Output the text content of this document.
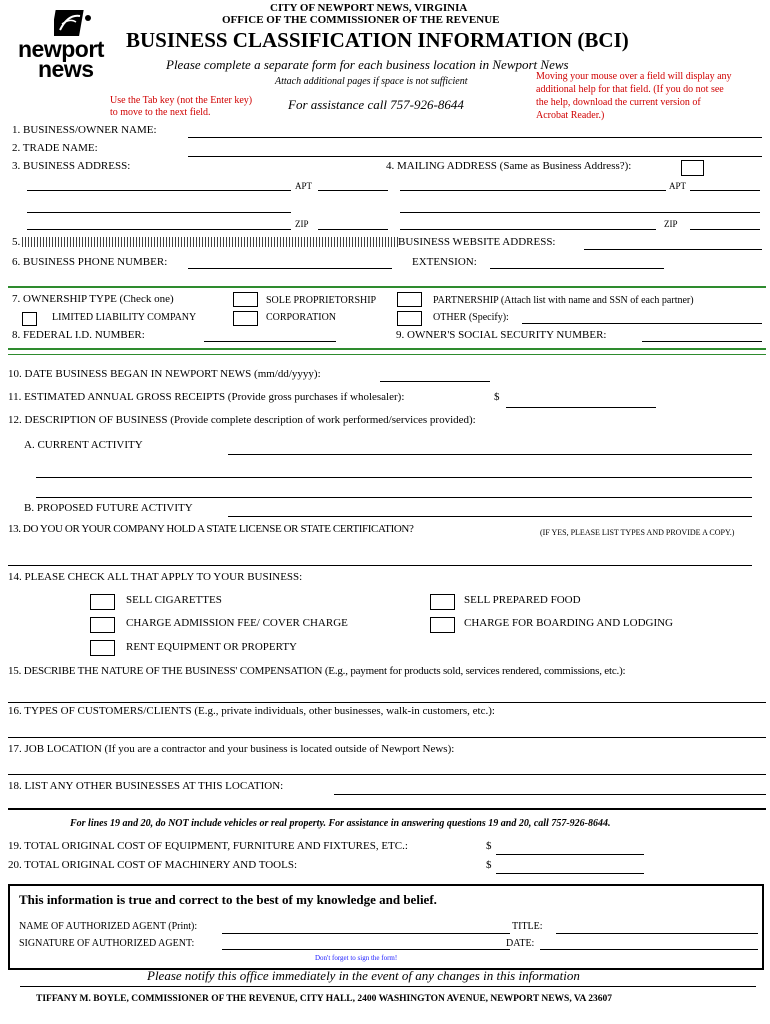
newport
news
CITY OF NEWPORT NEWS, VIRGINIA
OFFICE OF THE COMMISSIONER OF THE REVENUE
BUSINESS CLASSIFICATION INFORMATION (BCI)
Please complete a separate form for each business location in Newport News
Attach additional pages if space is not sufficient
Use the Tab key (not the Enter key)
to move to the next field.
For assistance call 757-926-8644
Moving your mouse over a field will display any
additional help for that field. (If you do not see
the help, download the current version of
Acrobat Reader.)
1. BUSINESS/OWNER NAME:
2. TRADE NAME:
3. BUSINESS ADDRESS:	4. MAILING ADDRESS (Same as Business Address?):
APT	APT
ZIP	ZIP
5.	BUSINESS WEBSITE ADDRESS:
6. BUSINESS PHONE NUMBER:	EXTENSION:
7. OWNERSHIP TYPE (Check one)	SOLE PROPRIETORSHIP	PARTNERSHIP (Attach list with name and SSN of each partner)
LIMITED LIABILITY COMPANY	CORPORATION	OTHER (Specify):
8. FEDERAL I.D. NUMBER:	9. OWNER'S SOCIAL SECURITY NUMBER:
10. DATE BUSINESS BEGAN IN NEWPORT NEWS (mm/dd/yyyy):
11. ESTIMATED ANNUAL GROSS RECEIPTS (Provide gross purchases if wholesaler):	$
12. DESCRIPTION OF BUSINESS (Provide complete description of work performed/services provided):
A. CURRENT ACTIVITY
B. PROPOSED FUTURE ACTIVITY
13. DO YOU OR YOUR COMPANY HOLD A STATE LICENSE OR STATE CERTIFICATION?	(IF YES, PLEASE LIST TYPES AND PROVIDE A COPY.)
14. PLEASE CHECK ALL THAT APPLY TO YOUR BUSINESS:
SELL CIGARETTES	SELL PREPARED FOOD
CHARGE ADMISSION FEE/ COVER CHARGE	CHARGE FOR BOARDING AND LODGING
RENT EQUIPMENT OR PROPERTY
15. DESCRIBE THE NATURE OF THE BUSINESS' COMPENSATION (E.g., payment for products sold, services rendered, commissions, etc.):
16. TYPES OF CUSTOMERS/CLIENTS (E.g., private individuals, other businesses, walk-in customers, etc.):
17. JOB LOCATION (If you are a contractor and your business is located outside of Newport News):
18. LIST ANY OTHER BUSINESSES AT THIS LOCATION:
For lines 19 and 20, do NOT include vehicles or real property. For assistance in answering questions 19 and 20, call 757-926-8644.
19. TOTAL ORIGINAL COST OF EQUIPMENT, FURNITURE AND FIXTURES, ETC.:	$
20. TOTAL ORIGINAL COST OF MACHINERY AND TOOLS:	$
This information is true and correct to the best of my knowledge and belief.
NAME OF AUTHORIZED AGENT (Print):	TITLE:
SIGNATURE OF AUTHORIZED AGENT:	DATE:
Don't forget to sign the form!
Please notify this office immediately in the event of any changes in this information
TIFFANY M. BOYLE, COMMISSIONER OF THE REVENUE, CITY HALL, 2400 WASHINGTON AVENUE, NEWPORT NEWS, VA 23607
